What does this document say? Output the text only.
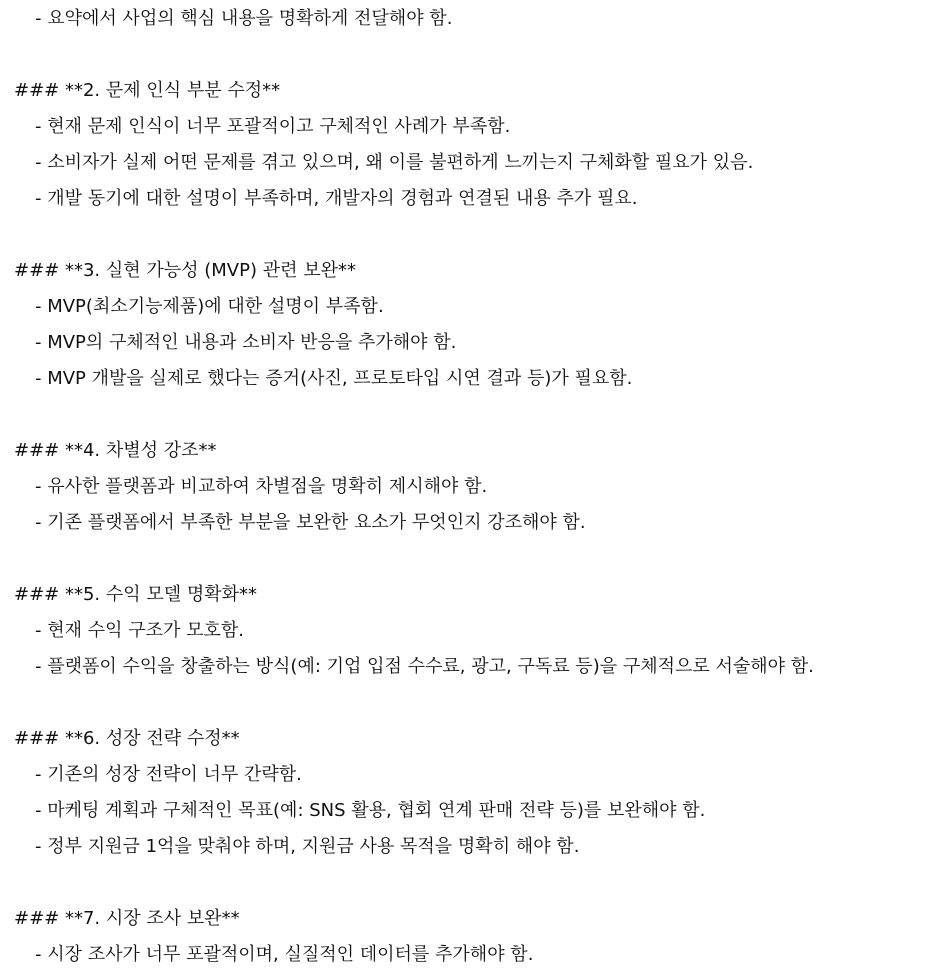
- 요약에서 사업의 핵심 내용을 명확하게 전달해야 함.
### **2. 문제 인식 부분 수정**
- 현재 문제 인식이 너무 포괄적이고 구체적인 사례가 부족함.
- 소비자가 실제 어떤 문제를 겪고 있으며, 왜 이를 불편하게 느끼는지 구체화할 필요가 있음.
- 개발 동기에 대한 설명이 부족하며, 개발자의 경험과 연결된 내용 추가 필요.
### **3. 실현 가능성 (MVP) 관련 보완**
- MVP(최소기능제품)에 대한 설명이 부족함.
- MVP의 구체적인 내용과 소비자 반응을 추가해야 함.
- MVP 개발을 실제로 했다는 증거(사진, 프로토타입 시연 결과 등)가 필요함.
### **4. 차별성 강조**
- 유사한 플랫폼과 비교하여 차별점을 명확히 제시해야 함.
- 기존 플랫폼에서 부족한 부분을 보완한 요소가 무엇인지 강조해야 함.
### **5. 수익 모델 명확화**
- 현재 수익 구조가 모호함.
- 플랫폼이 수익을 창출하는 방식(예: 기업 입점 수수료, 광고, 구독료 등)을 구체적으로 서술해야 함.
### **6. 성장 전략 수정**
- 기존의 성장 전략이 너무 간략함.
- 마케팅 계획과 구체적인 목표(예: SNS 활용, 협회 연계 판매 전략 등)를 보완해야 함.
- 정부 지원금 1억을 맞춰야 하며, 지원금 사용 목적을 명확히 해야 함.
### **7. 시장 조사 보완**
- 시장 조사가 너무 포괄적이며, 실질적인 데이터를 추가해야 함.
